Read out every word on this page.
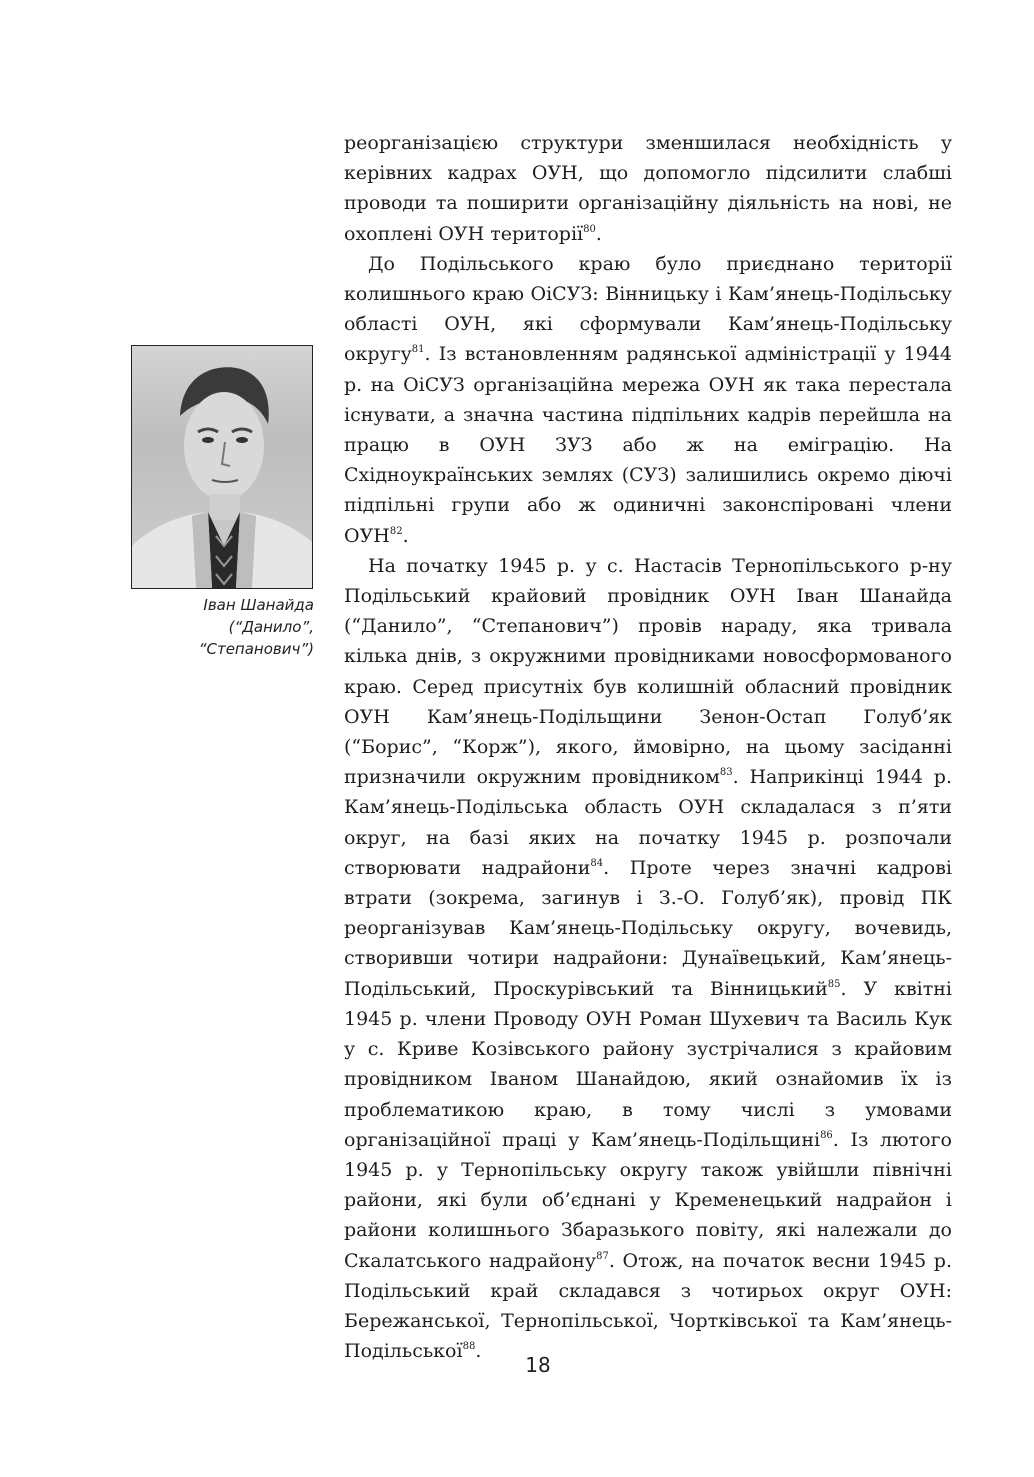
реорганізацією структури зменшилася необхідність у керівних кадрах ОУН, що допомогло підсилити слабші проводи та поширити організаційну діяльність на нові, не охоплені ОУН території$^{80}$.

До Подільського краю було приєднано території колишнього краю ОіСУЗ: Вінницьку і Кам’янець-Подільську області ОУН, які сформували Кам’янець-Подільську округу$^{81}$. Із встановленням радянської адміністрації у 1944 р. на ОіСУЗ організаційна мережа ОУН як така перестала існувати, а значна частина підпільних кадрів перейшла на працю в ОУН ЗУЗ або ж на еміграцію. На Східноукраїнських землях (СУЗ) залишились окремо діючі підпільні групи або ж одиничні законспіровані члени ОУН$^{82}$.

На початку 1945 р. у с. Настасів Тернопільського р-ну Подільський крайовий провідник ОУН Іван Шанайда (“Данило”, “Степанович”) провів нараду, яка тривала кілька днів, з окружними провідниками новосформованого краю. Серед присутніх був колишній обласний провідник ОУН Кам’янець-Подільщини Зенон-Остап Голуб’як (“Борис”, “Корж”), якого, ймовірно, на цьому засіданні призначили окружним провідником$^{83}$. Наприкінці 1944 р. Кам’янець-Подільська область ОУН складалася з п’яти округ, на базі яких на початку 1945 р. розпочали створювати надрайони$^{84}$. Проте через значні кадрові втрати (зокрема, загинув і З.-О. Голуб’як), провід ПК реорганізував Кам’янець-Подільську округу, вочевидь, створивши чотири надрайони: Дунаївецький, Кам’янець-Подільський, Проскурівський та Вінницький$^{85}$. У квітні 1945 р. члени Проводу ОУН Роман Шухевич та Василь Кук у с. Криве Козівського району зустрічалися з крайовим провідником Іваном Шанайдою, який ознайомив їх із проблематикою краю, в тому числі з умовами організаційної праці у Кам’янець-Подільщині$^{86}$. Із лютого 1945 р. у Тернопільську округу також увійшли північні райони, які були об’єднані у Кременецький надрайон і райони колишнього Збаразького повіту, які належали до Скалатського надрайону$^{87}$. Отож, на початок весни 1945 р. Подільський край складався з чотирьох округ ОУН: Бережанської, Тернопільської, Чортківської та Кам’янець-Подільської$^{88}$.

Іван Шанайда
(“Данило”,
“Степанович”)
18
